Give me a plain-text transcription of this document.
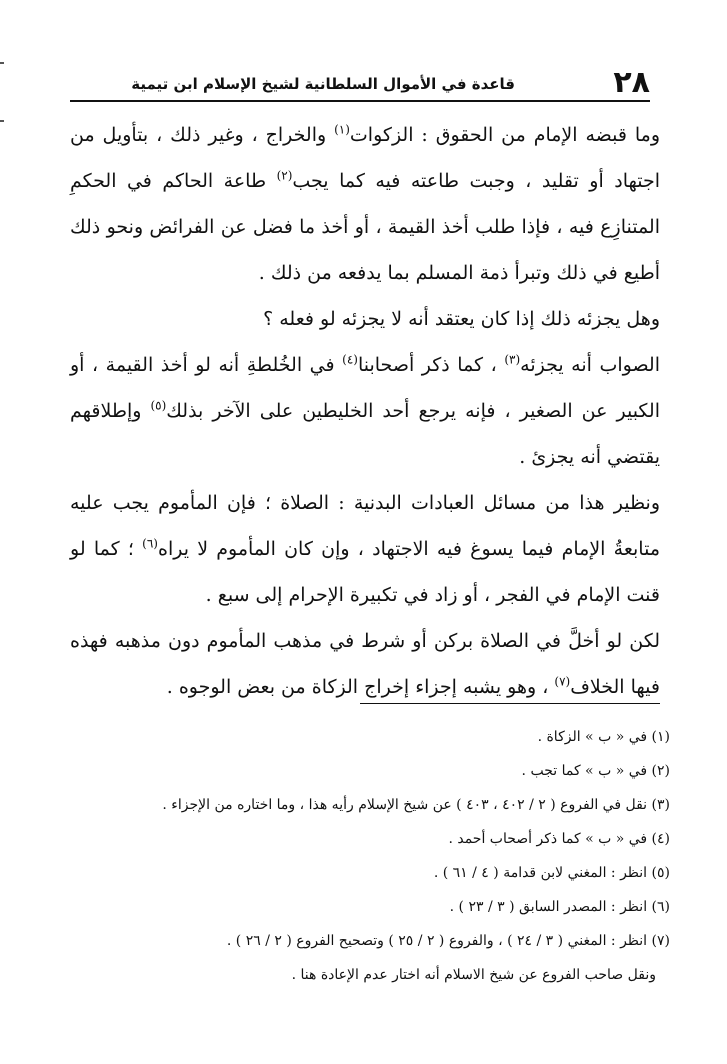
٢٨
قاعدة في الأموال السلطانية لشيخ الإسلام ابن تيمية

وما قبضه الإمام من الحقوق : الزكوات$^{(١)}$ والخراج ، وغير ذلك ، بتأويل من اجتهاد أو تقليد ، وجبت طاعته فيه كما يجب$^{(٢)}$ طاعة الحاكم في الحكمِ المتنازِع فيه ، فإذا طلب أخذ القيمة ، أو أخذ ما فضل عن الفرائض ونحو ذلك أطيع في ذلك وتبرأ ذمة المسلم بما يدفعه من ذلك .

وهل يجزئه ذلك إذا كان يعتقد أنه لا يجزئه لو فعله ؟

الصواب أنه يجزئه$^{(٣)}$ ، كما ذكر أصحابنا$^{(٤)}$ في الخُلطةِ أنه لو أخذ القيمة ، أو الكبير عن الصغير ، فإنه يرجع أحد الخليطين على الآخر بذلك$^{(٥)}$ وإطلاقهم يقتضي أنه يجزئ .

ونظير هذا من مسائل العبادات البدنية : الصلاة ؛ فإن المأموم يجب عليه متابعةُ الإمام فيما يسوغ فيه الاجتهاد ، وإن كان المأموم لا يراه$^{(٦)}$ ؛ كما لو قنت الإمام في الفجر ، أو زاد في تكبيرة الإحرام إلى سبع .

لكن لو أخلَّ في الصلاة بركن أو شرط في مذهب المأموم دون مذهبه فهذه فيها الخلاف$^{(٧)}$ ، وهو يشبه إجزاء إخراج الزكاة من بعض الوجوه .

(١) في « ب » الزكاة .

(٢) في « ب » كما تجب .

(٣) نقل في الفروع ( ٢ / ٤٠٢ ، ٤٠٣ ) عن شيخ الإسلام رأيه هذا ، وما اختاره من الإجزاء .

(٤) في « ب » كما ذكر أصحاب أحمد .

(٥) انظر : المغني لابن قدامة ( ٤ / ٦١ ) .

(٦) انظر : المصدر السابق ( ٣ / ٢٣ ) .

(٧) انظر : المغني ( ٣ / ٢٤ ) ، والفروع ( ٢ / ٢٥ ) وتصحيح الفروع ( ٢ / ٢٦ ) .

ونقل صاحب الفروع عن شيخ الاسلام أنه اختار عدم الإعادة هنا .
